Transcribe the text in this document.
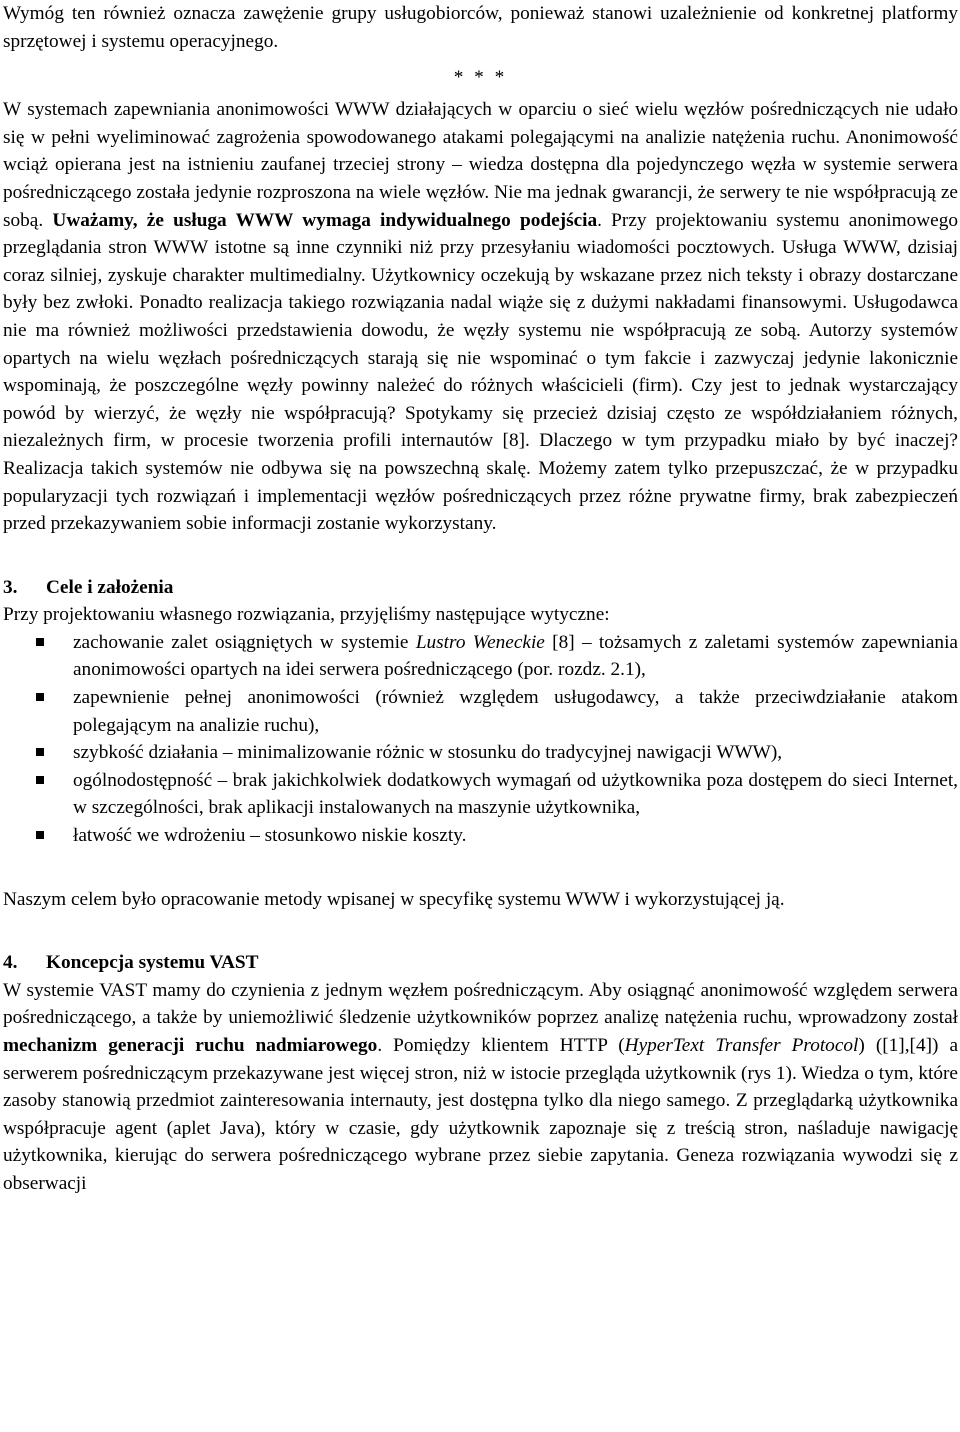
Wymóg ten również oznacza zawężenie grupy usługobiorców, ponieważ stanowi uzależnienie od konkretnej platformy sprzętowej i systemu operacyjnego.

* * *

W systemach zapewniania anonimowości WWW działających w oparciu o sieć wielu węzłów pośredniczących nie udało się w pełni wyeliminować zagrożenia spowodowanego atakami polegającymi na analizie natężenia ruchu. Anonimowość wciąż opierana jest na istnieniu zaufanej trzeciej strony – wiedza dostępna dla pojedynczego węzła w systemie serwera pośredniczącego została jedynie rozproszona na wiele węzłów. Nie ma jednak gwarancji, że serwery te nie współpracują ze sobą. Uważamy, że usługa WWW wymaga indywidualnego podejścia. Przy projektowaniu systemu anonimowego przeglądania stron WWW istotne są inne czynniki niż przy przesyłaniu wiadomości pocztowych. Usługa WWW, dzisiaj coraz silniej, zyskuje charakter multimedialny. Użytkownicy oczekują by wskazane przez nich teksty i obrazy dostarczane były bez zwłoki. Ponadto realizacja takiego rozwiązania nadal wiąże się z dużymi nakładami finansowymi. Usługodawca nie ma również możliwości przedstawienia dowodu, że węzły systemu nie współpracują ze sobą. Autorzy systemów opartych na wielu węzłach pośredniczących starają się nie wspominać o tym fakcie i zazwyczaj jedynie lakonicznie wspominają, że poszczególne węzły powinny należeć do różnych właścicieli (firm). Czy jest to jednak wystarczający powód by wierzyć, że węzły nie współpracują? Spotykamy się przecież dzisiaj często ze współdziałaniem różnych, niezależnych firm, w procesie tworzenia profili internautów [8]. Dlaczego w tym przypadku miało by być inaczej? Realizacja takich systemów nie odbywa się na powszechną skalę. Możemy zatem tylko przepuszczać, że w przypadku popularyzacji tych rozwiązań i implementacji węzłów pośredniczących przez różne prywatne firmy, brak zabezpieczeń przed przekazywaniem sobie informacji zostanie wykorzystany.

3.	Cele i założenia

Przy projektowaniu własnego rozwiązania, przyjęliśmy następujące wytyczne:

zachowanie zalet osiągniętych w systemie Lustro Weneckie [8] – tożsamych z zaletami systemów zapewniania anonimowości opartych na idei serwera pośredniczącego (por. rozdz. 2.1),
zapewnienie pełnej anonimowości (również względem usługodawcy, a także przeciwdziałanie atakom polegającym na analizie ruchu),
szybkość działania – minimalizowanie różnic w stosunku do tradycyjnej nawigacji WWW),
ogólnodostępność – brak jakichkolwiek dodatkowych wymagań od użytkownika poza dostępem do sieci Internet, w szczególności, brak aplikacji instalowanych na maszynie użytkownika,
łatwość we wdrożeniu – stosunkowo niskie koszty.

Naszym celem było opracowanie metody wpisanej w specyfikę systemu WWW i wykorzystującej ją.

4.	Koncepcja systemu VAST

W systemie VAST mamy do czynienia z jednym węzłem pośredniczącym. Aby osiągnąć anonimowość względem serwera pośredniczącego, a także by uniemożliwić śledzenie użytkowników poprzez analizę natężenia ruchu, wprowadzony został mechanizm generacji ruchu nadmiarowego. Pomiędzy klientem HTTP (HyperText Transfer Protocol) ([1],[4]) a serwerem pośredniczącym przekazywane jest więcej stron, niż w istocie przegląda użytkownik (rys 1). Wiedza o tym, które zasoby stanowią przedmiot zainteresowania internauty, jest dostępna tylko dla niego samego. Z przeglądarką użytkownika współpracuje agent (aplet Java), który w czasie, gdy użytkownik zapoznaje się z treścią stron, naśladuje nawigację użytkownika, kierując do serwera pośredniczącego wybrane przez siebie zapytania. Geneza rozwiązania wywodzi się z obserwacji
